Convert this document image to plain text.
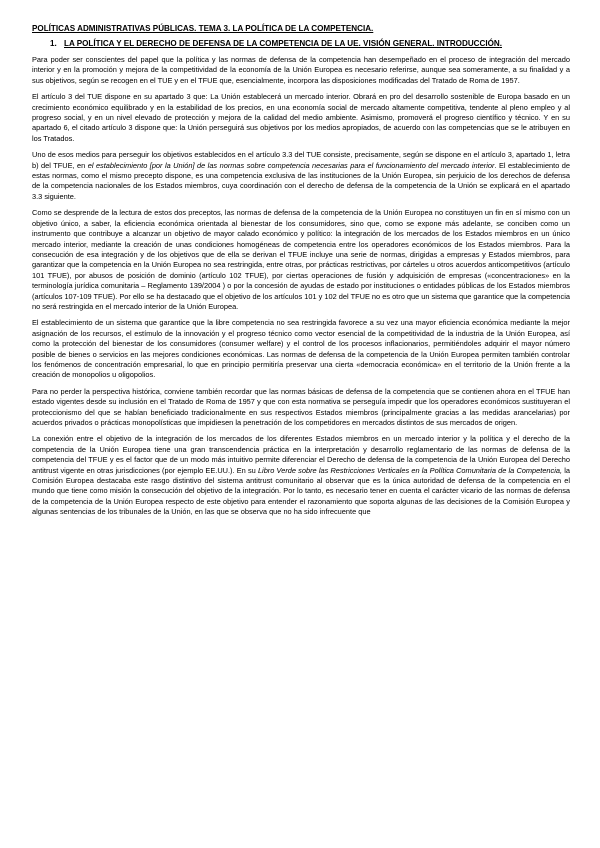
POLÍTICAS ADMINISTRATIVAS PÚBLICAS. TEMA 3. LA POLÍTICA DE LA COMPETENCIA.
1. LA POLÍTICA Y EL DERECHO DE DEFENSA DE LA COMPETENCIA DE LA UE. VISIÓN GENERAL. INTRODUCCIÓN.

Para poder ser conscientes del papel que la política y las normas de defensa de la competencia han desempeñado en el proceso de integración del mercado interior y en la promoción y mejora de la competitividad de la economía de la Unión Europea es necesario referirse, aunque sea someramente, a su finalidad y a sus objetivos, según se recogen en el TUE y en el TFUE que, esencialmente, incorpora las disposiciones modificadas del Tratado de Roma de 1957.

El artículo 3 del TUE dispone en su apartado 3 que: La Unión establecerá un mercado interior. Obrará en pro del desarrollo sostenible de Europa basado en un crecimiento económico equilibrado y en la estabilidad de los precios, en una economía social de mercado altamente competitiva, tendente al pleno empleo y al progreso social, y en un nivel elevado de protección y mejora de la calidad del medio ambiente. Asimismo, promoverá el progreso científico y técnico. Y en su apartado 6, el citado artículo 3 dispone que: la Unión perseguirá sus objetivos por los medios apropiados, de acuerdo con las competencias que se le atribuyen en los Tratados.

Uno de esos medios para perseguir los objetivos establecidos en el artículo 3.3 del TUE consiste, precisamente, según se dispone en el artículo 3, apartado 1, letra b) del TFUE, en el establecimiento [por la Unión] de las normas sobre competencia necesarias para el funcionamiento del mercado interior. El establecimiento de estas normas, como el mismo precepto dispone, es una competencia exclusiva de las instituciones de la Unión Europea, sin perjuicio de los derechos de defensa de la competencia nacionales de los Estados miembros, cuya coordinación con el derecho de defensa de la competencia de la Unión se explicará en el apartado 3.3 siguiente.

Como se desprende de la lectura de estos dos preceptos, las normas de defensa de la competencia de la Unión Europea no constituyen un fin en sí mismo con un objetivo único, a saber, la eficiencia económica orientada al bienestar de los consumidores, sino que, como se expone más adelante, se conciben como un instrumento que contribuye a alcanzar un objetivo de mayor calado económico y político: la integración de los mercados de los Estados miembros en un único mercado interior, mediante la creación de unas condiciones homogéneas de competencia entre los operadores económicos de los Estados miembros. Para la consecución de esa integración y de los objetivos que de ella se derivan el TFUE incluye una serie de normas, dirigidas a empresas y Estados miembros, para garantizar que la competencia en la Unión Europea no sea restringida, entre otras, por prácticas restrictivas, por cárteles u otros acuerdos anticompetitivos (artículo 101 TFUE), por abusos de posición de dominio (artículo 102 TFUE), por ciertas operaciones de fusión y adquisición de empresas («concentraciones» en la terminología jurídica comunitaria – Reglamento 139/2004 ) o por la concesión de ayudas de estado por instituciones o entidades públicas de los Estados miembros (artículos 107-109 TFUE). Por ello se ha destacado que el objetivo de los artículos 101 y 102 del TFUE no es otro que un sistema que garantice que la competencia no será restringida en el mercado interior de la Unión Europea.

El establecimiento de un sistema que garantice que la libre competencia no sea restringida favorece a su vez una mayor eficiencia económica mediante la mejor asignación de los recursos, el estímulo de la innovación y el progreso técnico como vector esencial de la competitividad de la industria de la Unión Europea, así como la protección del bienestar de los consumidores (consumer welfare) y el control de los procesos inflacionarios, permitiéndoles adquirir el mayor número posible de bienes o servicios en las mejores condiciones económicas. Las normas de defensa de la competencia de la Unión Europea permiten también controlar los fenómenos de concentración empresarial, lo que en principio permitiría preservar una cierta «democracia económica» en el territorio de la Unión frente a la creación de monopolios u oligopolios.

Para no perder la perspectiva histórica, conviene también recordar que las normas básicas de defensa de la competencia que se contienen ahora en el TFUE han estado vigentes desde su inclusión en el Tratado de Roma de 1957 y que con esta normativa se perseguía impedir que los operadores económicos sustituyeran el proteccionismo del que se habían beneficiado tradicionalmente en sus respectivos Estados miembros (principalmente gracias a las medidas arancelarias) por acuerdos privados o prácticas monopolísticas que impidiesen la penetración de los competidores en mercados distintos de sus mercados de origen.

La conexión entre el objetivo de la integración de los mercados de los diferentes Estados miembros en un mercado interior y la política y el derecho de la competencia de la Unión Europea tiene una gran transcendencia práctica en la interpretación y desarrollo reglamentario de las normas de defensa de la competencia del TFUE y es el factor que de un modo más intuitivo permite diferenciar el Derecho de defensa de la competencia de la Unión Europea del Derecho antitrust vigente en otras jurisdicciones (por ejemplo EE.UU.). En su Libro Verde sobre las Restricciones Verticales en la Política Comunitaria de la Competencia, la Comisión Europea destacaba este rasgo distintivo del sistema antitrust comunitario al observar que es la única autoridad de defensa de la competencia en el mundo que tiene como misión la consecución del objetivo de la integración. Por lo tanto, es necesario tener en cuenta el carácter vicario de las normas de defensa de la competencia de la Unión Europea respecto de este objetivo para entender el razonamiento que soporta algunas de las decisiones de la Comisión Europea y algunas sentencias de los tribunales de la Unión, en las que se observa que no ha sido infrecuente que
